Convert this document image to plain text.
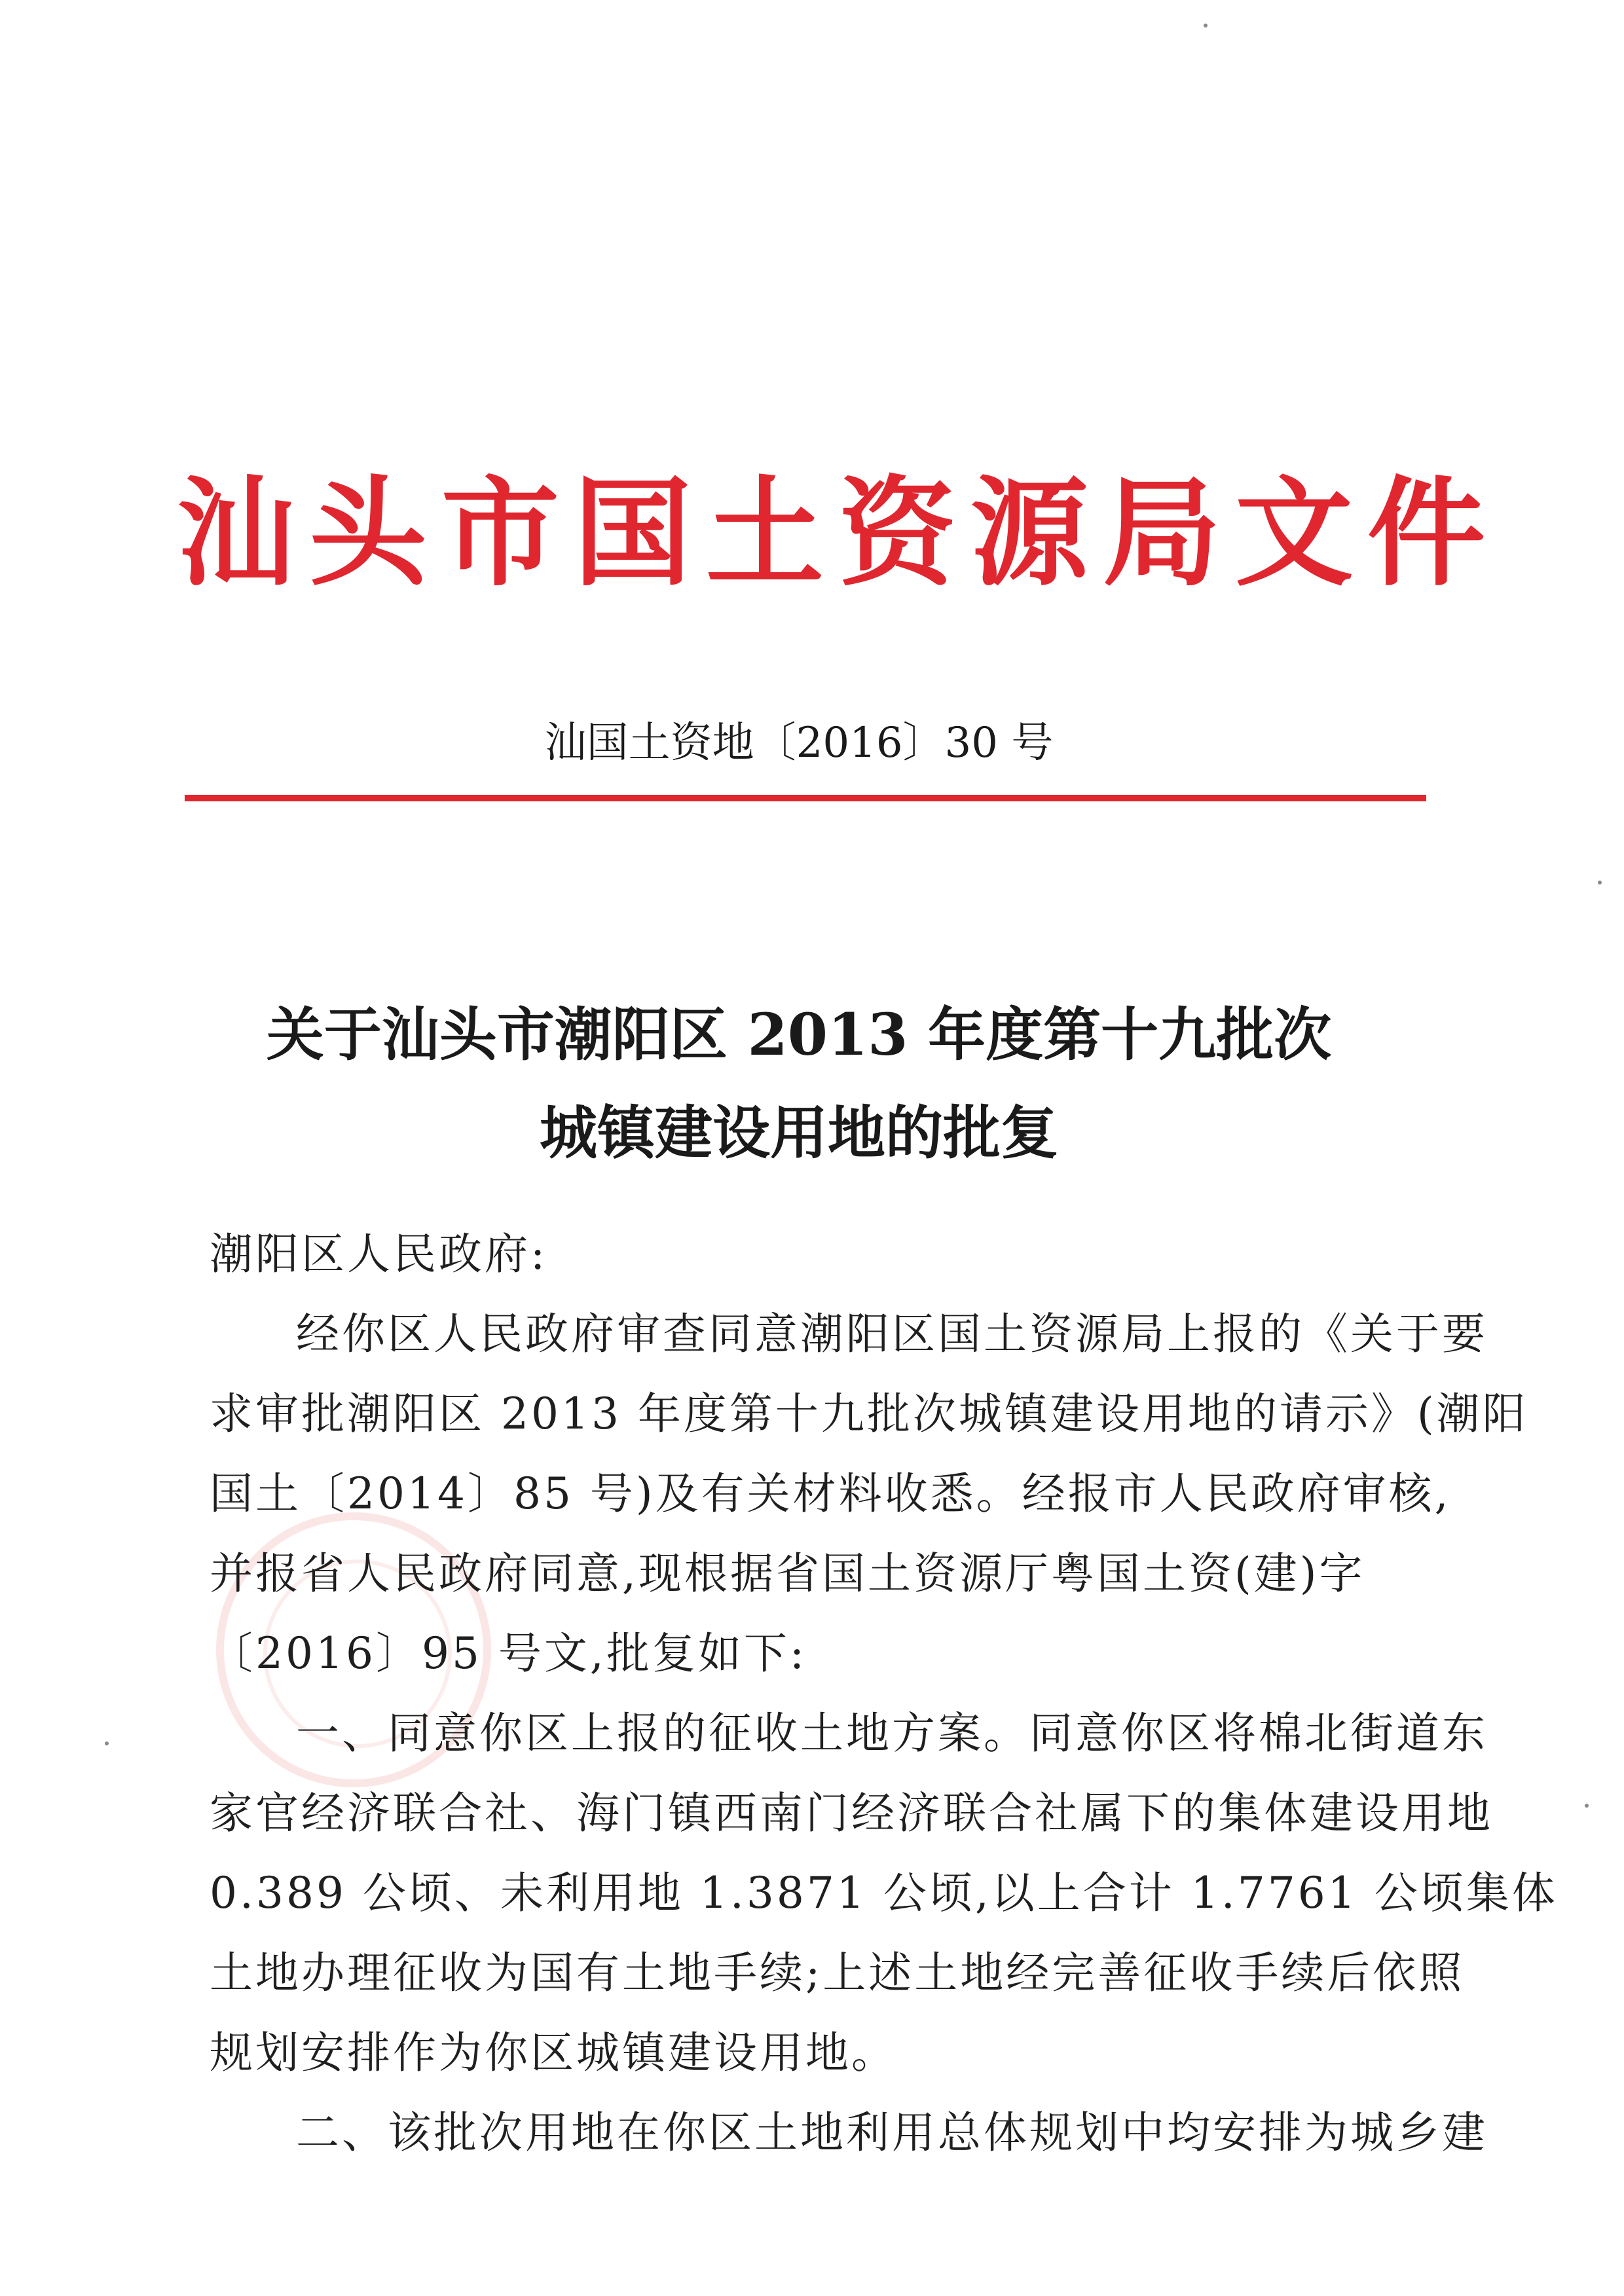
汕头市国土资源局文件
汕国土资地〔2016〕30 号
关于汕头市潮阳区 2013 年度第十九批次
城镇建设用地的批复
潮阳区人民政府:
经你区人民政府审查同意潮阳区国土资源局上报的《关于要
求审批潮阳区 2013 年度第十九批次城镇建设用地的请示》(潮阳
国土〔2014〕85 号)及有关材料收悉。经报市人民政府审核,
并报省人民政府同意,现根据省国土资源厅粤国土资(建)字
〔2016〕95 号文,批复如下:
一、同意你区上报的征收土地方案。同意你区将棉北街道东
家官经济联合社、海门镇西南门经济联合社属下的集体建设用地
0.389 公顷、未利用地 1.3871 公顷,以上合计 1.7761 公顷集体
土地办理征收为国有土地手续;上述土地经完善征收手续后依照
规划安排作为你区城镇建设用地。
二、该批次用地在你区土地利用总体规划中均安排为城乡建
